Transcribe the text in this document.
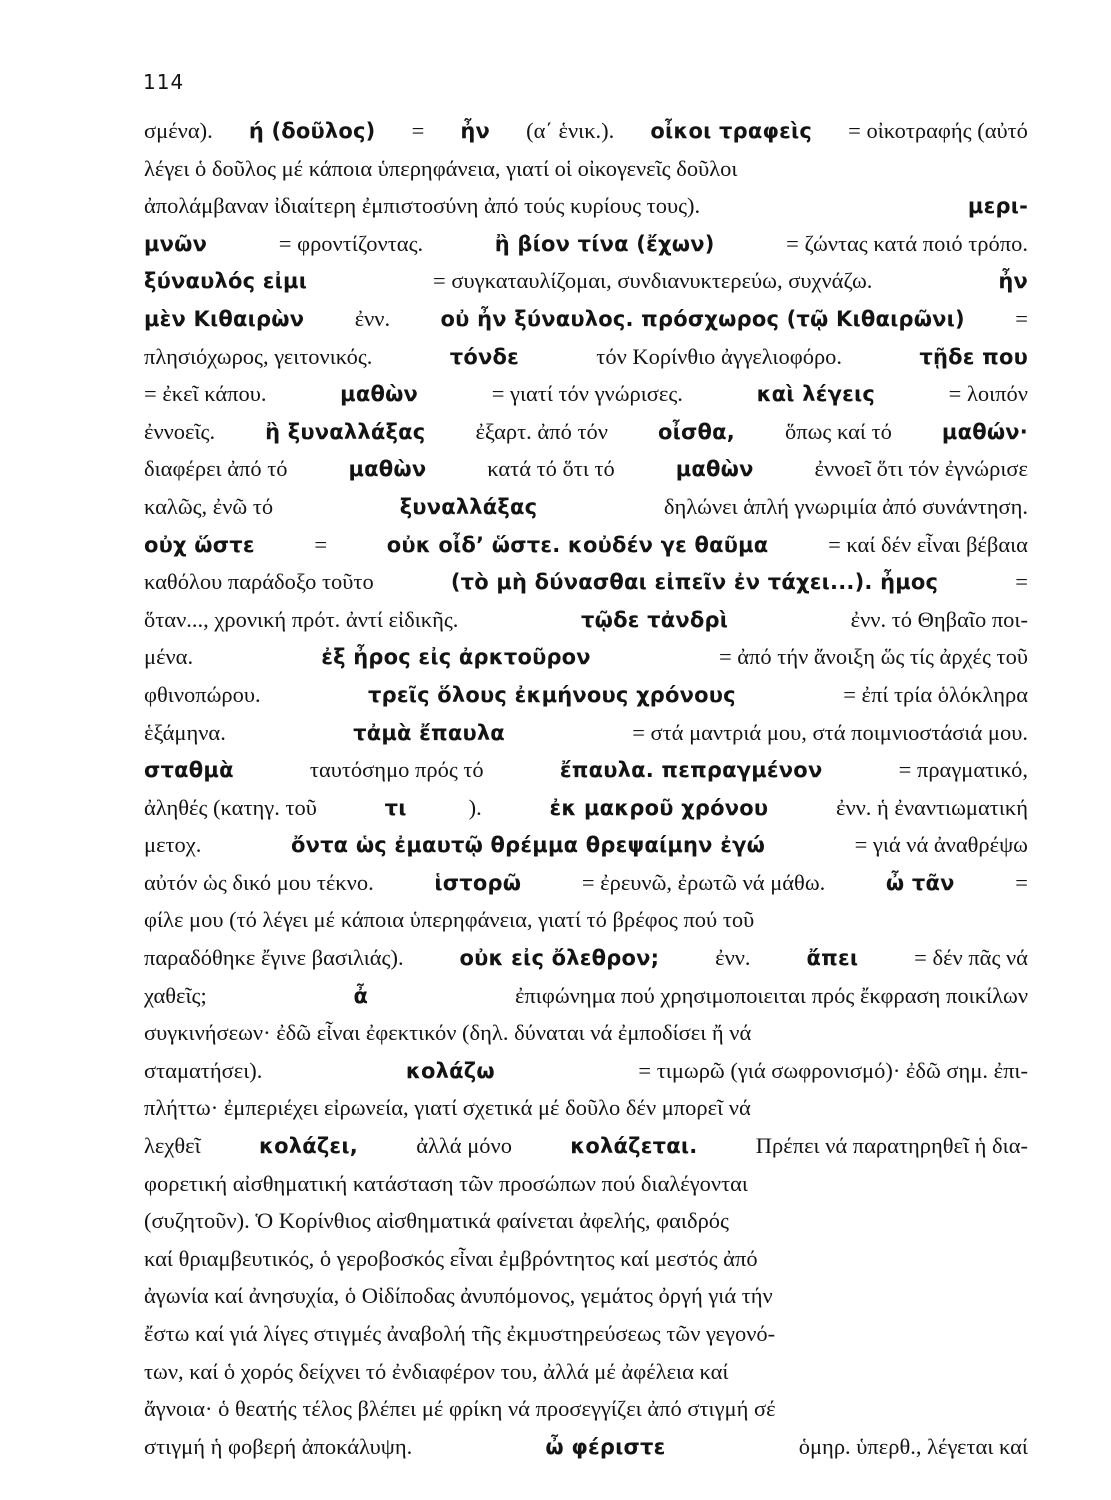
114
σμένα). ή (δοῦλος) = ἦν (α΄ ἑνικ.). οἶκοι τραφεὶς = οἰκοτραφής (αὐτό
λέγει ὁ δοῦλος μέ κάποια ὑπερηφάνεια, γιατί οἱ οἰκογενεῖς δοῦλοι
ἀπολάμβαναν ἰδιαίτερη ἐμπιστοσύνη ἀπό τούς κυρίους τους).	μερι-
μνῶν	= φροντίζοντας.	ἢ βίον τίνα (ἔχων)	= ζώντας κατά ποιό τρόπο.
ξύναυλός εἰμι	= συγκαταυλίζομαι, συνδιανυκτερεύω, συχνάζω.	ἦν
μὲν Κιθαιρὼν ἐνν. οὐ ἦν ξύναυλος. πρόσχωρος (τῷ Κιθαιρῶνι) =
πλησιόχωρος, γειτονικός.	τόνδε	τόν Κορίνθιο ἀγγελιοφόρο.	τῇδε που
= ἐκεῖ κάπου.	μαθὼν	= γιατί τόν γνώρισες.	καὶ λέγεις	= λοιπόν
ἐννοεῖς. ἢ ξυναλλάξας ἐξαρτ. ἀπό τόν οἶσθα, ὅπως καί τό μαθών·
διαφέρει ἀπό τό	μαθὼν κατά τό ὅτι τό	μαθὼν ἐννοεῖ ὅτι τόν ἐγνώρισε
καλῶς, ἐνῶ τό	ξυναλλάξας	δηλώνει ἁπλή γνωριμία ἀπό συνάντηση.
οὐχ ὥστε =	οὐκ οἶδ’ ὥστε. κοὐδέν γε θαῦμα = καί δέν εἶναι βέβαια
καθόλου παράδοξο τοῦτο	(τὸ μὴ δύνασθαι εἰπεῖν ἐν τάχει...). ἦμος	=
ὅταν..., χρονική πρότ. ἀντί εἰδικῆς.	τῷδε τἀνδρὶ	ἐνν. τό Θηβαῖο ποι-
μένα.	ἐξ ἦρος εἰς ἀρκτοῦρον	= ἀπό τήν ἄνοιξη ὥς τίς ἀρχές τοῦ
φθινοπώρου.	τρεῖς ὅλους ἐκμήνους χρόνους	= ἐπί τρία ὁλόκληρα
ἑξάμηνα.	τἀμὰ ἔπαυλα	= στά μαντριά μου, στά ποιμνιοστάσιά μου.
σταθμὰ	ταυτόσημο πρός τό	ἔπαυλα. πεπραγμένον	= πραγματικό,
ἀληθές (κατηγ. τοῦ	τι	).	ἐκ μακροῦ χρόνου	ἐνν. ἡ ἐναντιωματική
μετοχ.	ὄντα ὡς ἐμαυτῷ θρέμμα θρεψαίμην ἐγώ	= γιά νά ἀναθρέψω
αὐτόν ὡς δικό μου τέκνο.	ἱστορῶ = ἐρευνῶ, ἐρωτῶ νά μάθω.	ὦ τᾶν =
φίλε μου (τό λέγει μέ κάποια ὑπερηφάνεια, γιατί τό βρέφος πού τοῦ
παραδόθηκε ἔγινε βασιλιάς). οὐκ εἰς ὄλεθρον; ἐνν. ἄπει = δέν πᾶς νά
χαθεῖς;	ἆ	ἐπιφώνημα πού χρησιμοποιειται πρός ἔκφραση ποικίλων
συγκινήσεων· ἐδῶ εἶναι ἐφεκτικόν (δηλ. δύναται νά ἐμποδίσει ἤ νά
σταματήσει).	κολάζω	= τιμωρῶ (γιά σωφρονισμό)· ἐδῶ σημ. ἐπι-
πλήττω· ἐμπεριέχει εἰρωνεία, γιατί σχετικά μέ δοῦλο δέν μπορεῖ νά
λεχθεῖ	κολάζει, ἀλλά μόνο	κολάζεται. Πρέπει νά παρατηρηθεῖ ἡ δια-
φορετική αἰσθηματική κατάσταση τῶν προσώπων πού διαλέγονται
(συζητοῦν). Ὁ Κορίνθιος αἰσθηματικά φαίνεται ἀφελής, φαιδρός
καί θριαμβευτικός, ὁ γεροβοσκός εἶναι ἐμβρόντητος καί μεστός ἀπό
ἀγωνία καί ἀνησυχία, ὁ Οἰδίποδας ἀνυπόμονος, γεμάτος ὀργή γιά τήν
ἔστω καί γιά λίγες στιγμές ἀναβολή τῆς ἐκμυστηρεύσεως τῶν γεγονό-
των, καί ὁ χορός δείχνει τό ἐνδιαφέρον του, ἀλλά μέ ἀφέλεια καί
ἄγνοια· ὁ θεατής τέλος βλέπει μέ φρίκη νά προσεγγίζει ἀπό στιγμή σέ
στιγμή ἡ φοβερή ἀποκάλυψη.	ὦ φέριστε	ὁμηρ. ὑπερθ., λέγεται καί
